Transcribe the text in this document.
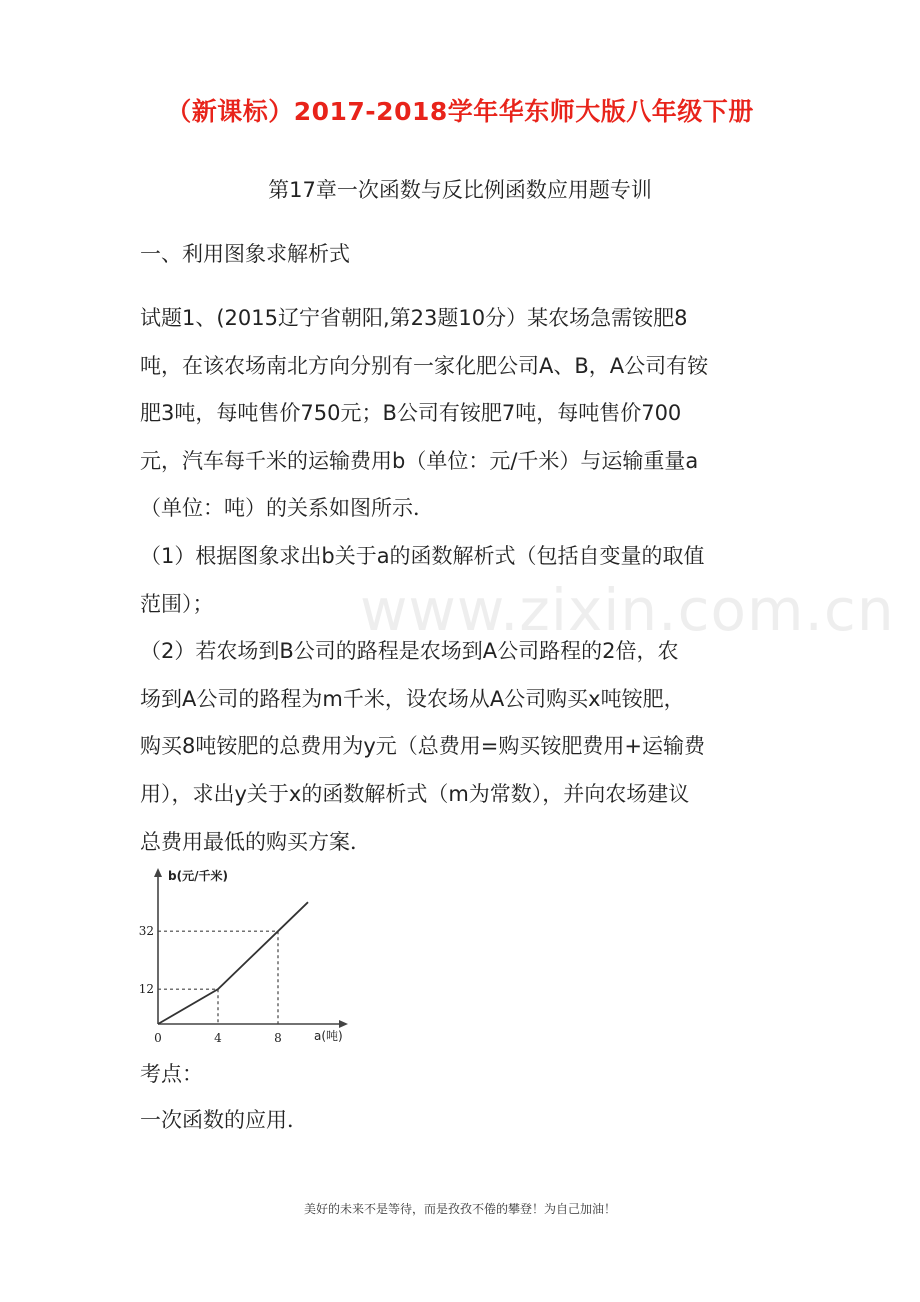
（新课标）2017-2018学年华东师大版八年级下册
第17章一次函数与反比例函数应用题专训
一、利用图象求解析式
www.zixin.com.cn

试题1、(2015辽宁省朝阳,第23题10分）某农场急需铵肥8

吨，在该农场南北方向分别有一家化肥公司A、B，A公司有铵

肥3吨，每吨售价750元；B公司有铵肥7吨，每吨售价700

元，汽车每千米的运输费用b（单位：元/千米）与运输重量a

（单位：吨）的关系如图所示．

（1）根据图象求出b关于a的函数解析式（包括自变量的取值

范围）；

（2）若农场到B公司的路程是农场到A公司路程的2倍，农

场到A公司的路程为m千米，设农场从A公司购买x吨铵肥，

购买8吨铵肥的总费用为y元（总费用=购买铵肥费用+运输费

用），求出y关于x的函数解析式（m为常数），并向农场建议

总费用最低的购买方案．

0	4	8
12
32
b(元/千米)
a(吨)
考点：
一次函数的应用．
美好的未来不是等待，而是孜孜不倦的攀登！为自己加油！
